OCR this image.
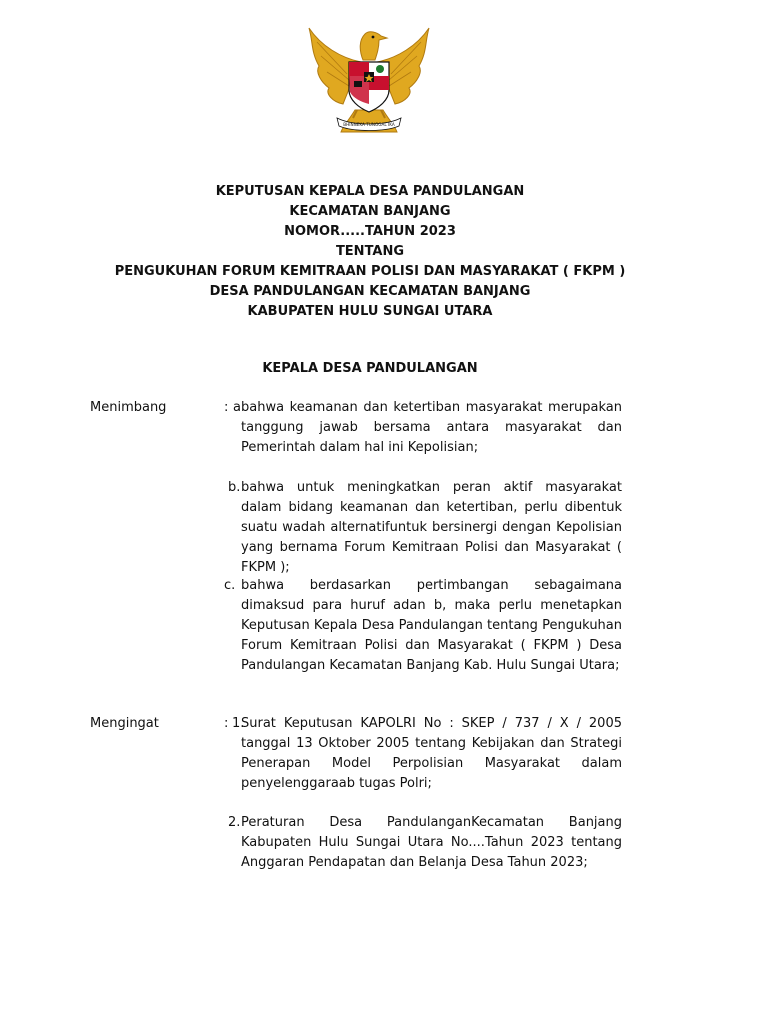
BHINNEKA TUNGGAL IKA
KEPUTUSAN KEPALA DESA PANDULANGAN
KECAMATAN BANJANG
NOMOR.....TAHUN 2023
TENTANG
PENGUKUHAN FORUM KEMITRAAN POLISI DAN MASYARAKAT ( FKPM )
DESA PANDULANGAN KECAMATAN BANJANG
KABUPATEN HULU SUNGAI UTARA
KEPALA DESA PANDULANGAN
Menimbang	: a bahwa keamanan dan ketertiban masyarakat merupakan tanggung jawab bersama antara masyarakat dan Pemerintah dalam hal ini Kepolisian;
b. bahwa untuk meningkatkan peran aktif masyarakat dalam bidang keamanan dan ketertiban, perlu dibentuk suatu wadah alternatifuntuk bersinergi dengan Kepolisian yang bernama Forum Kemitraan Polisi dan Masyarakat ( FKPM );
c. bahwa berdasarkan pertimbangan sebagaimana dimaksud para huruf adan b, maka perlu menetapkan Keputusan Kepala Desa Pandulangan tentang Pengukuhan Forum Kemitraan Polisi dan Masyarakat ( FKPM ) Desa Pandulangan Kecamatan Banjang Kab. Hulu Sungai Utara;
Mengingat	: 1.
Surat Keputusan KAPOLRI No : SKEP / 737 / X / 2005 tanggal 13 Oktober 2005 tentang Kebijakan dan Strategi Penerapan Model Perpolisian Masyarakat dalam penyelenggaraab tugas Polri;
2. Peraturan Desa PandulanganKecamatan Banjang Kabupaten Hulu Sungai Utara No....Tahun 2023 tentang Anggaran Pendapatan dan Belanja Desa Tahun 2023;
